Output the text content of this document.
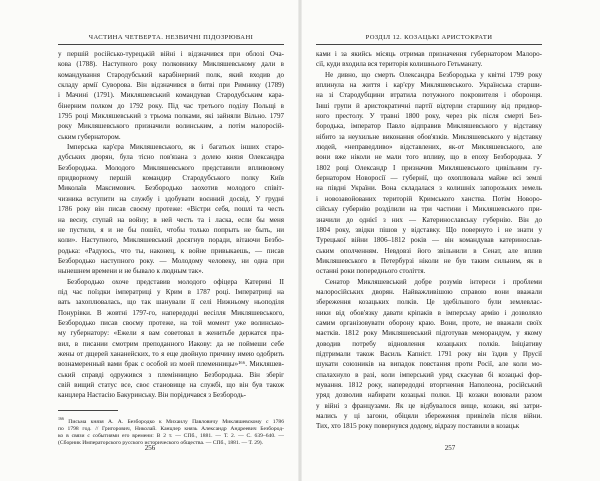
ЧАСТИНА ЧЕТВЕРТА. НЕЗВИЧНІ ПІДОЗРЮВАНІ
у першій російсько-турецькій війні і відзначився при облозі Оча-
кова (1788). Наступного року полковнику Микляшевському дали в
командування Стародубський карабінерний полк, який входив до
складу армії Суворова. Він відзначився в битві при Римнику (1789)
і Мачині (1791). Микляшевський командував Стародубським кара-
бінерним полком до 1792 року. Під час третього поділу Польщі в
1795 році Микляшевський з трьома полками, які зайняли Вільно. 1797
року Микляшевського призначили волинським, а потім малоросій-
ським губернатором.
Імперська кар'єра Микляшевського, як і багатьох інших старо-
дубських дворян, була тісно пов'язана з долею князя Олександра
Безбородька. Молодого Микляшевського представили впливовому
придворному першій командир Стародубського полку Київ
Миколаїв Максимович. Безбородько заохотив молодого співіт-
чизника вступити на службу і здобувати воєнний досвід. У грудні
1786 року він писав своєму протеже: «Вістри себя, пошлі та честь
на весну, ступай на войну; в ней честь та і ласка, если бы меня
не пустили, я и не бы пошёл, чтобы только попрыть не быть, ни
коли». Наступного, Микляшевський досягнув поради, вітаючи Безбо-
родька: «Радуюсь, что ты, наконец, к войне привыкаешь, — писав
Безбородько наступного року. — Молодому человеку, ни одна при
нынешнем времени и не бывало к людным так».
Безбородько охоче представив молодого офіцера Катерині II
під час поїздки імператриці у Крим в 1787 році. Імператриці на
вать захоплювалась, що так шанували її селі Нижньому ньоподіля
Понурівки. В жовтні 1797-го, напередодні весілля Микляшевського,
Безбородько писав своєму протеже, на той момент уже волинсько-
му губернатору: «Ежели я вам советовал в женитьбе держатся пра-
вил, в писании смотрим преподанного Иакову: да не поймеши себе
жены от дщерей хананейских, то я еще двойную причину имею одобрить
вознамеренный вами брак с особой из моей племенницы»¹⁶⁶. Микляшев-
ський справді одружився з племінницею Безбородька. Він зберіг
свій вищий статус все, своє становище на службі, що він був також
канцлера Настасію Бакуринську. Він порідичався з Безбородь-
$^{166}$ Письма князя А. А. Безбородко к Михаилу Павловичу Микляшевскому с 1786
по 1798 год. // Григорович, Николай. Канцлер князь Александр Андреевич Безбород-
ко в связи с событиями его времени: В 2 т. — СПб., 1881. — Т. 2. — С. 639–640. —
(Сборник Императорского русского исторического общества. — СПб., 1881. — Т. 29).
256
РОЗДІЛ 12. КОЗАЦЬКІ АРИСТОКРАТИ
ками і за якийсь місяць отримав призначення губернатором Малоро-
сії, куди входила вся територія колишнього Гетьманату.
Не дивно, що смерть Олександра Безбородька у квітні 1799 року
вплинула на життя і кар'єру Микляшевського. Українська старши-
на зі Стародубщини втратила потужного покровителя і оборонця.
Інші групи й аристократичні партії відтерли старшину від придвор-
ного престолу. У травні 1800 року, через рік після смерті Без-
бородька, імператор Павло відправив Микляшевського у відставку
нібито за неухильне виконання обов'язків. Микляшевського у відставку
людей, «неправедливо» відставлених, як-от Микляшевського, але
вони вже ніколи не мали того впливу, що в епоху Безбородька. У
1802 році Олександр І призначив Микляшевського цивільним гу-
бернатором Новоросії — губернії, що охоплювала майже всі землі
на півдні України. Вона складалася з колишніх запорозьких земель
і новозавойованих територій Кримського ханства. Потім Новоро-
сійську губернію розділили на три частини і Микляшевського при-
значили до однієї з них — Катеринославську губернію. Він до
1804 року, звідки пішов у відставку. Що повернуто і не знати у
Турецької війни 1806–1812 років — він командував катеринослав-
ським ополченням. Невдовзі його звільнили в Сенат, але вплив
Микляшевського в Петербурзі ніколи не був таким сильним, як в
останні роки попереднього століття.
Сенатор Микляшевський добре розумів інтереси і проблеми
малоросійських дворян. Найважливішою справою вони вважали
збереження козацьких полків. Це здебільшого були землевлас-
ники від обов'язку давати кріпаків в імперську армію і дозволяло
самим організовувати оборону краю. Вони, проте, не вважали своїх
маєтків. 1812 року Микляшевський підготував меморандум, у якому
доводив потребу відновлення козацьких полків. Ініціативу
підтримали також Василь Капніст. 1791 року він їздив у Прусії
шукати союзників на випадок повстання проти Росії, але коли мо-
спалахнуло в разі, коли імперський уряд скасував бі козацькі фор-
мування. 1812 року, напередодні вторгнення Наполеона, російський
уряд дозволив набирати козацькі полки. Ці козаки воювали разом
у війні з французами. Як це відбувалося вище, козаки, які затри-
мались у ці загони, обіцяли збереження привілеїв після війни.
Тих, хто 1815 року повернувся додому, відразу поставили в козацьк
257
